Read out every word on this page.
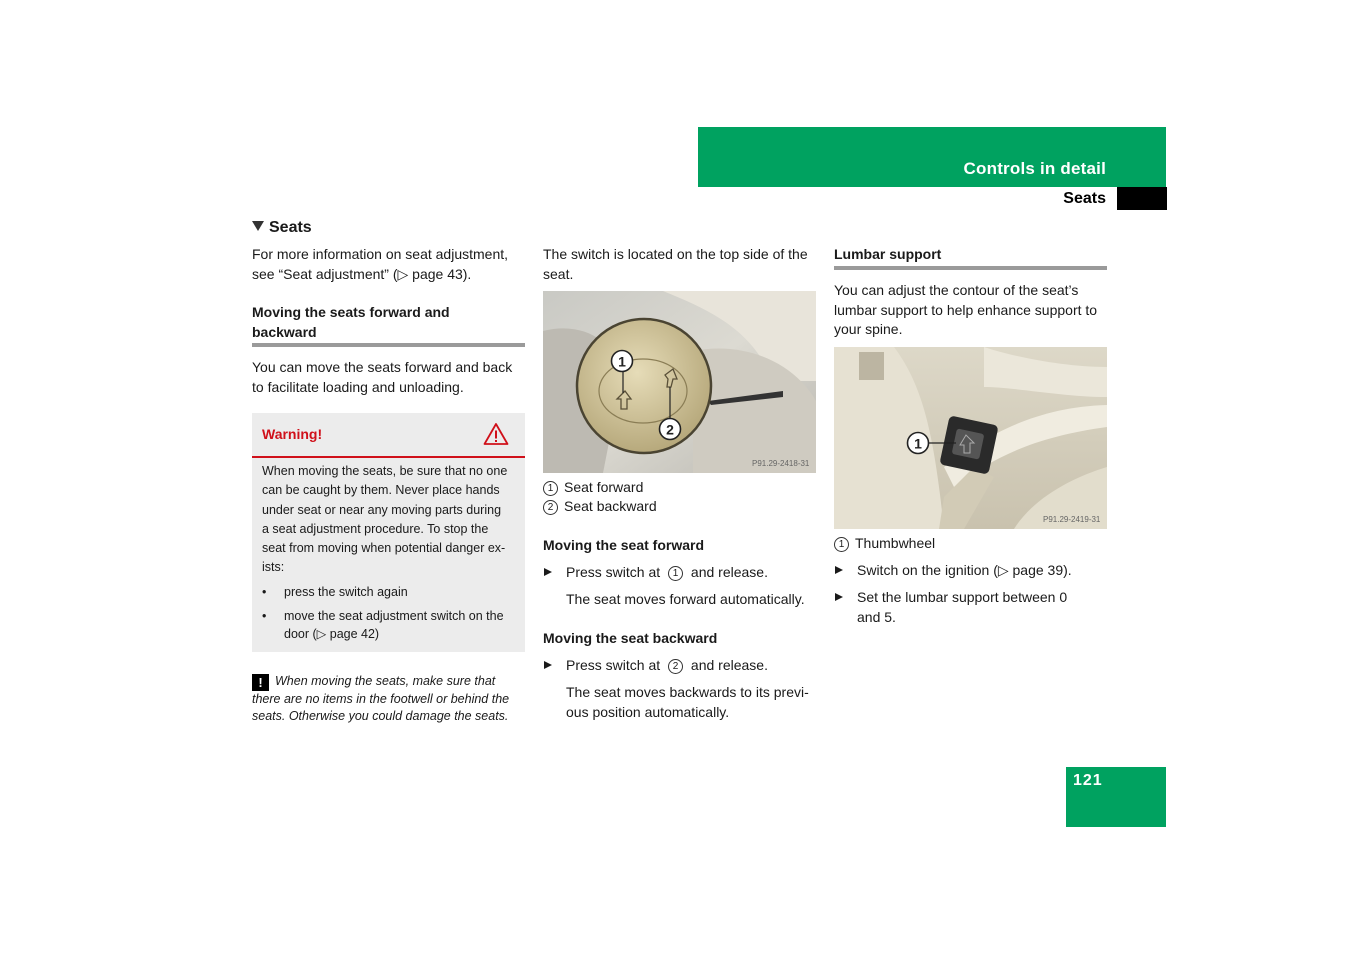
Controls in detail
Seats
Seats
For more information on seat adjustment,
see “Seat adjustment” (▷ page 43).
Moving the seats forward and
backward
You can move the seats forward and back
to facilitate loading and unloading.
Warning!
When moving the seats, be sure that no one
can be caught by them. Never place hands
under seat or near any moving parts during
a seat adjustment procedure. To stop the
seat from moving when potential danger ex-
ists:
• press the switch again
• move the seat adjustment switch on the
door (▷ page 42)
! When moving the seats, make sure that
there are no items in the footwell or behind the
seats. Otherwise you could damage the seats.
The switch is located on the top side of the
seat.
1
2
P91.29-2418-31
1 Seat forward
2 Seat backward
Moving the seat forward
Press switch at 1 and release.
The seat moves forward automatically.
Moving the seat backward
Press switch at 2 and release.
The seat moves backwards to its previ-
ous position automatically.
Lumbar support
You can adjust the contour of the seat’s
lumbar support to help enhance support to
your spine.
1
P91.29-2419-31
1 Thumbwheel
Switch on the ignition (▷ page 39).
Set the lumbar support between 0
and 5.
121
